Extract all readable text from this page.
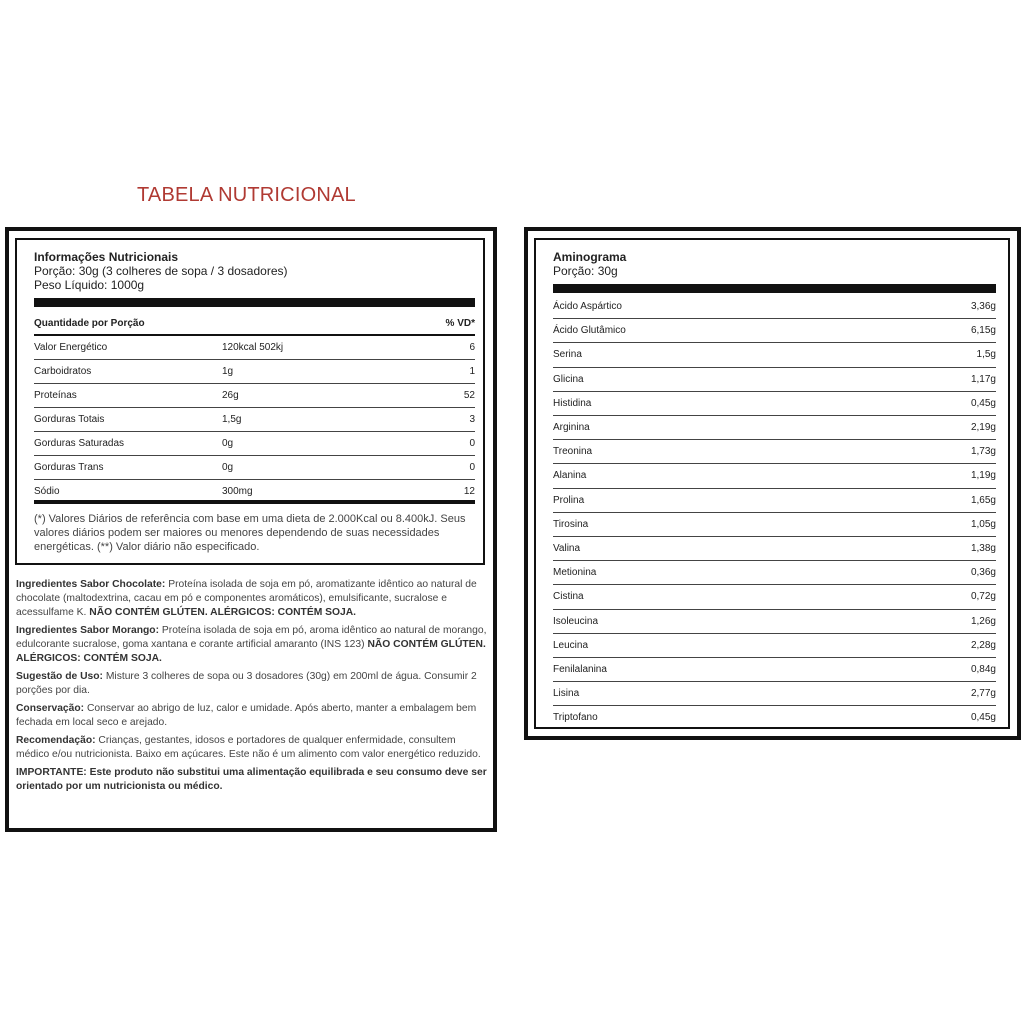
TABELA NUTRICIONAL
Informações Nutricionais
Porção: 30g (3 colheres de sopa / 3 dosadores)
Peso Líquido: 1000g
Quantidade por Porção	% VD*
Valor Energético	120kcal 502kj	6
Carboidratos	1g	1
Proteínas	26g	52
Gorduras Totais	1,5g	3
Gorduras Saturadas	0g	0
Gorduras Trans	0g	0
Sódio	300mg	12
(*) Valores Diários de referência com base em uma dieta de 2.000Kcal ou 8.400kJ. Seus valores diários podem ser maiores ou menores dependendo de suas necessidades energéticas. (**) Valor diário não especificado.

Ingredientes Sabor Chocolate: Proteína isolada de soja em pó, aromatizante idêntico ao natural de chocolate (maltodextrina, cacau em pó e componentes aromáticos), emulsificante, sucralose e acessulfame K. NÃO CONTÉM GLÚTEN. ALÉRGICOS: CONTÉM SOJA.

Ingredientes Sabor Morango: Proteína isolada de soja em pó, aroma idêntico ao natural de morango, edulcorante sucralose, goma xantana e corante artificial amaranto (INS 123) NÃO CONTÉM GLÚTEN. ALÉRGICOS: CONTÉM SOJA.

Sugestão de Uso: Misture 3 colheres de sopa ou 3 dosadores (30g) em 200ml de água. Consumir 2 porções por dia.

Conservação: Conservar ao abrigo de luz, calor e umidade. Após aberto, manter a embalagem bem fechada em local seco e arejado.

Recomendação: Crianças, gestantes, idosos e portadores de qualquer enfermidade, consultem médico e/ou nutricionista. Baixo em açúcares. Este não é um alimento com valor energético reduzido.

IMPORTANTE: Este produto não substitui uma alimentação equilibrada e seu consumo deve ser orientado por um nutricionista ou médico.

Aminograma
Porção: 30g
Ácido Aspártico	3,36g
Ácido Glutâmico	6,15g
Serina	1,5g
Glicina	1,17g
Histidina	0,45g
Arginina	2,19g
Treonina	1,73g
Alanina	1,19g
Prolina	1,65g
Tirosina	1,05g
Valina	1,38g
Metionina	0,36g
Cistina	0,72g
Isoleucina	1,26g
Leucina	2,28g
Fenilalanina	0,84g
Lisina	2,77g
Triptofano	0,45g
